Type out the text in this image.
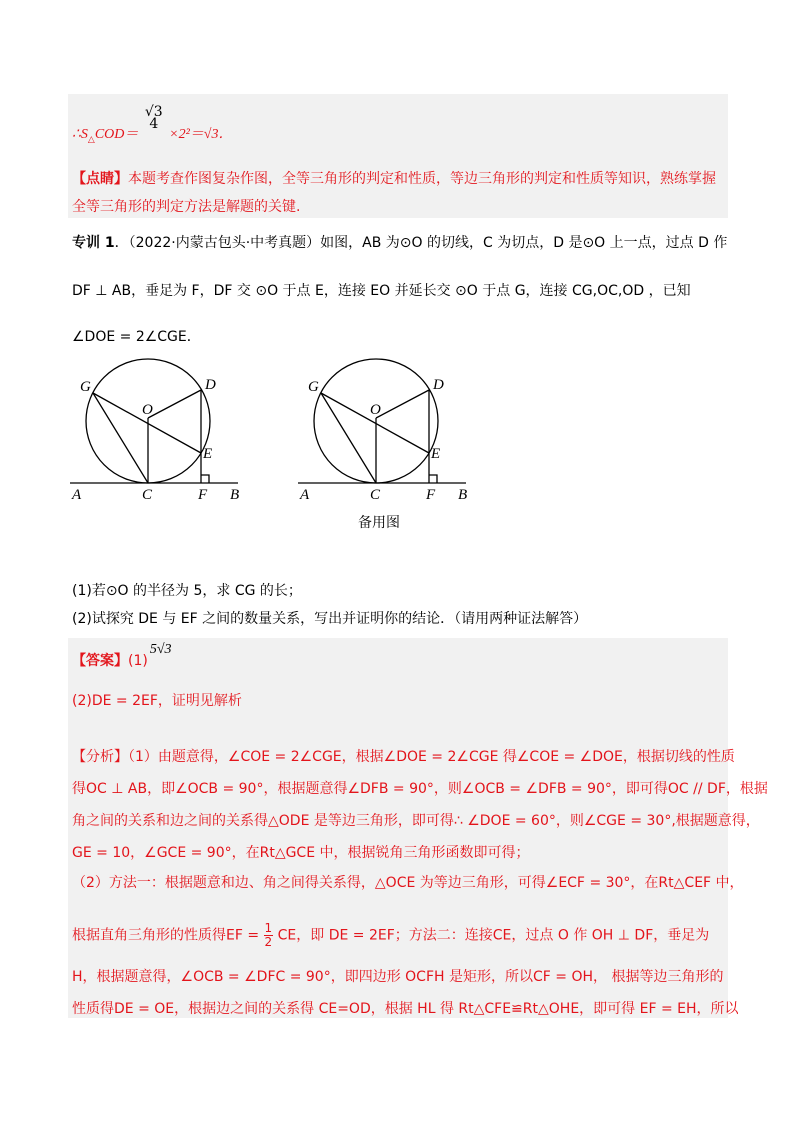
$\therefore S_\triangle COD=$
√3
4
×2²＝√3．
【点睛】本题考查作图复杂作图，全等三角形的判定和性质，等边三角形的判定和性质等知识，熟练掌握
全等三角形的判定方法是解题的关键.
专训 1．（2022·内蒙古包头·中考真题）如图，AB 为⊙O 的切线，C 为切点，D 是⊙O 上一点，过点 D 作
DF ⊥ AB，垂足为 F，DF 交 ⊙O 于点 E，连接 EO 并延长交 ⊙O 于点 G，连接 CG,OC,OD ，已知
∠DOE = 2∠CGE．
G	D
O
E
A	C	F B
G	D
O
E
A	C	F B
备用图
(1)若⊙O 的半径为 5，求 CG 的长；
(2)试探究 DE 与 EF 之间的数量关系，写出并证明你的结论．（请用两种证法解答）
【答案】(1)5√3
(2)DE = 2EF，证明见解析
【分析】（1）由题意得，∠COE = 2∠CGE，根据∠DOE = 2∠CGE 得∠COE = ∠DOE，根据切线的性质
得OC ⊥ AB，即∠OCB = 90°，根据题意得∠DFB = 90°，则∠OCB = ∠DFB = 90°，即可得OC // DF，根据
角之间的关系和边之间的关系得△ODE 是等边三角形，即可得∴ ∠DOE = 60°，则∠CGE = 30°,根据题意得，
GE = 10，∠GCE = 90°，在Rt△GCE 中，根据锐角三角形函数即可得；
（2）方法一：根据题意和边、角之间得关系得，△OCE 为等边三角形，可得∠ECF = 30°，在Rt△CEF 中，
根据直角三角形的性质得EF = $\frac{1}{2}$ CE，即 DE = 2EF；方法二：连接CE，过点 O 作 OH ⊥ DF，垂足为
H，根据题意得，∠OCB = ∠DFC = 90°，即四边形 OCFH 是矩形，所以CF = OH， 根据等边三角形的
性质得DE = OE，根据边之间的关系得 CE=OD，根据 HL 得 Rt△CFE≌Rt△OHE，即可得 EF = EH，所以
